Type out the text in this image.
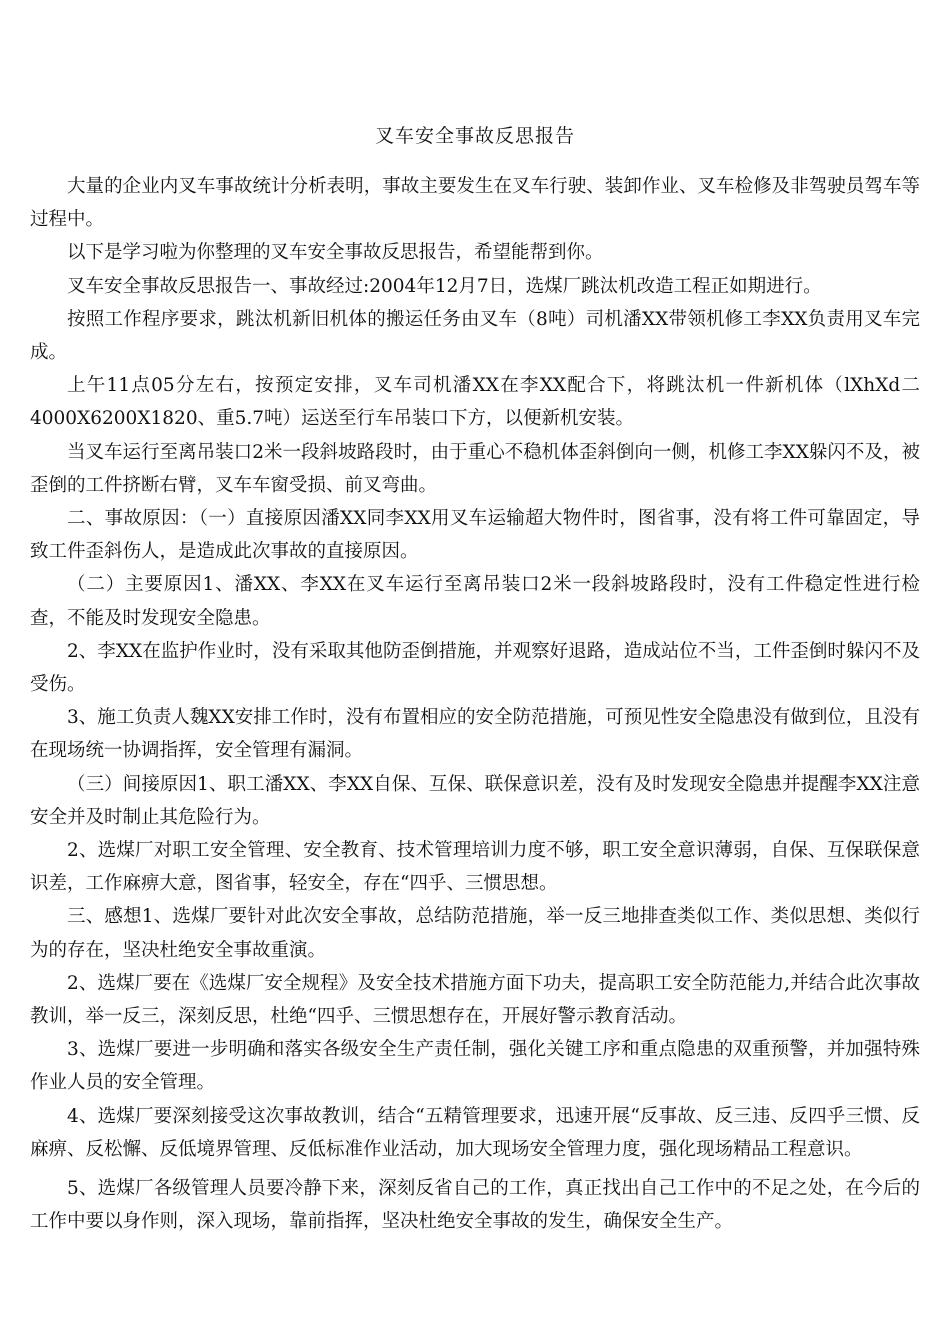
叉车安全事故反思报告

大量的企业内叉车事故统计分析表明，事故主要发生在叉车行驶、装卸作业、叉车检修及非驾驶员驾车等过程中。

以下是学习啦为你整理的叉车安全事故反思报告，希望能帮到你。

叉车安全事故反思报告一、事故经过:2004年12月7日，选煤厂跳汰机改造工程正如期进行。

按照工作程序要求，跳汰机新旧机体的搬运任务由叉车（8吨）司机潘XX带领机修工李XX负责用叉车完成。

上午11点05分左右，按预定安排，叉车司机潘XX在李XX配合下，将跳汰机一件新机体（lXhXd二4000X6200X1820、重5.7吨）运送至行车吊装口下方，以便新机安装。

当叉车运行至离吊装口2米一段斜坡路段时，由于重心不稳机体歪斜倒向一侧，机修工李XX躲闪不及，被歪倒的工件挤断右臂，叉车车窗受损、前叉弯曲。

二、事故原因：（一）直接原因潘XX同李XX用叉车运输超大物件时，图省事，没有将工件可靠固定，导致工件歪斜伤人，是造成此次事故的直接原因。

（二）主要原因1、潘XX、李XX在叉车运行至离吊装口2米一段斜坡路段时，没有工件稳定性进行检查，不能及时发现安全隐患。

2、李XX在监护作业时，没有采取其他防歪倒措施，并观察好退路，造成站位不当，工件歪倒时躲闪不及受伤。

3、施工负责人魏XX安排工作时，没有布置相应的安全防范措施，可预见性安全隐患没有做到位，且没有在现场统一协调指挥，安全管理有漏洞。

（三）间接原因1、职工潘XX、李XX自保、互保、联保意识差，没有及时发现安全隐患并提醒李XX注意安全并及时制止其危险行为。

2、选煤厂对职工安全管理、安全教育、技术管理培训力度不够，职工安全意识薄弱，自保、互保联保意识差，工作麻痹大意，图省事，轻安全，存在“四乎、三惯思想。

三、感想1、选煤厂要针对此次安全事故，总结防范措施，举一反三地排查类似工作、类似思想、类似行为的存在，坚决杜绝安全事故重演。

2、选煤厂要在《选煤厂安全规程》及安全技术措施方面下功夫，提高职工安全防范能力,并结合此次事故教训，举一反三，深刻反思，杜绝“四乎、三惯思想存在，开展好警示教育活动。

3、选煤厂要进一步明确和落实各级安全生产责任制，强化关键工序和重点隐患的双重预警，并加强特殊作业人员的安全管理。

4、选煤厂要深刻接受这次事故教训，结合“五精管理要求，迅速开展“反事故、反三违、反四乎三惯、反麻痹、反松懈、反低境界管理、反低标准作业活动，加大现场安全管理力度，强化现场精品工程意识。

5、选煤厂各级管理人员要冷静下来，深刻反省自己的工作，真正找出自己工作中的不足之处，在今后的工作中要以身作则，深入现场，靠前指挥，坚决杜绝安全事故的发生，确保安全生产。
